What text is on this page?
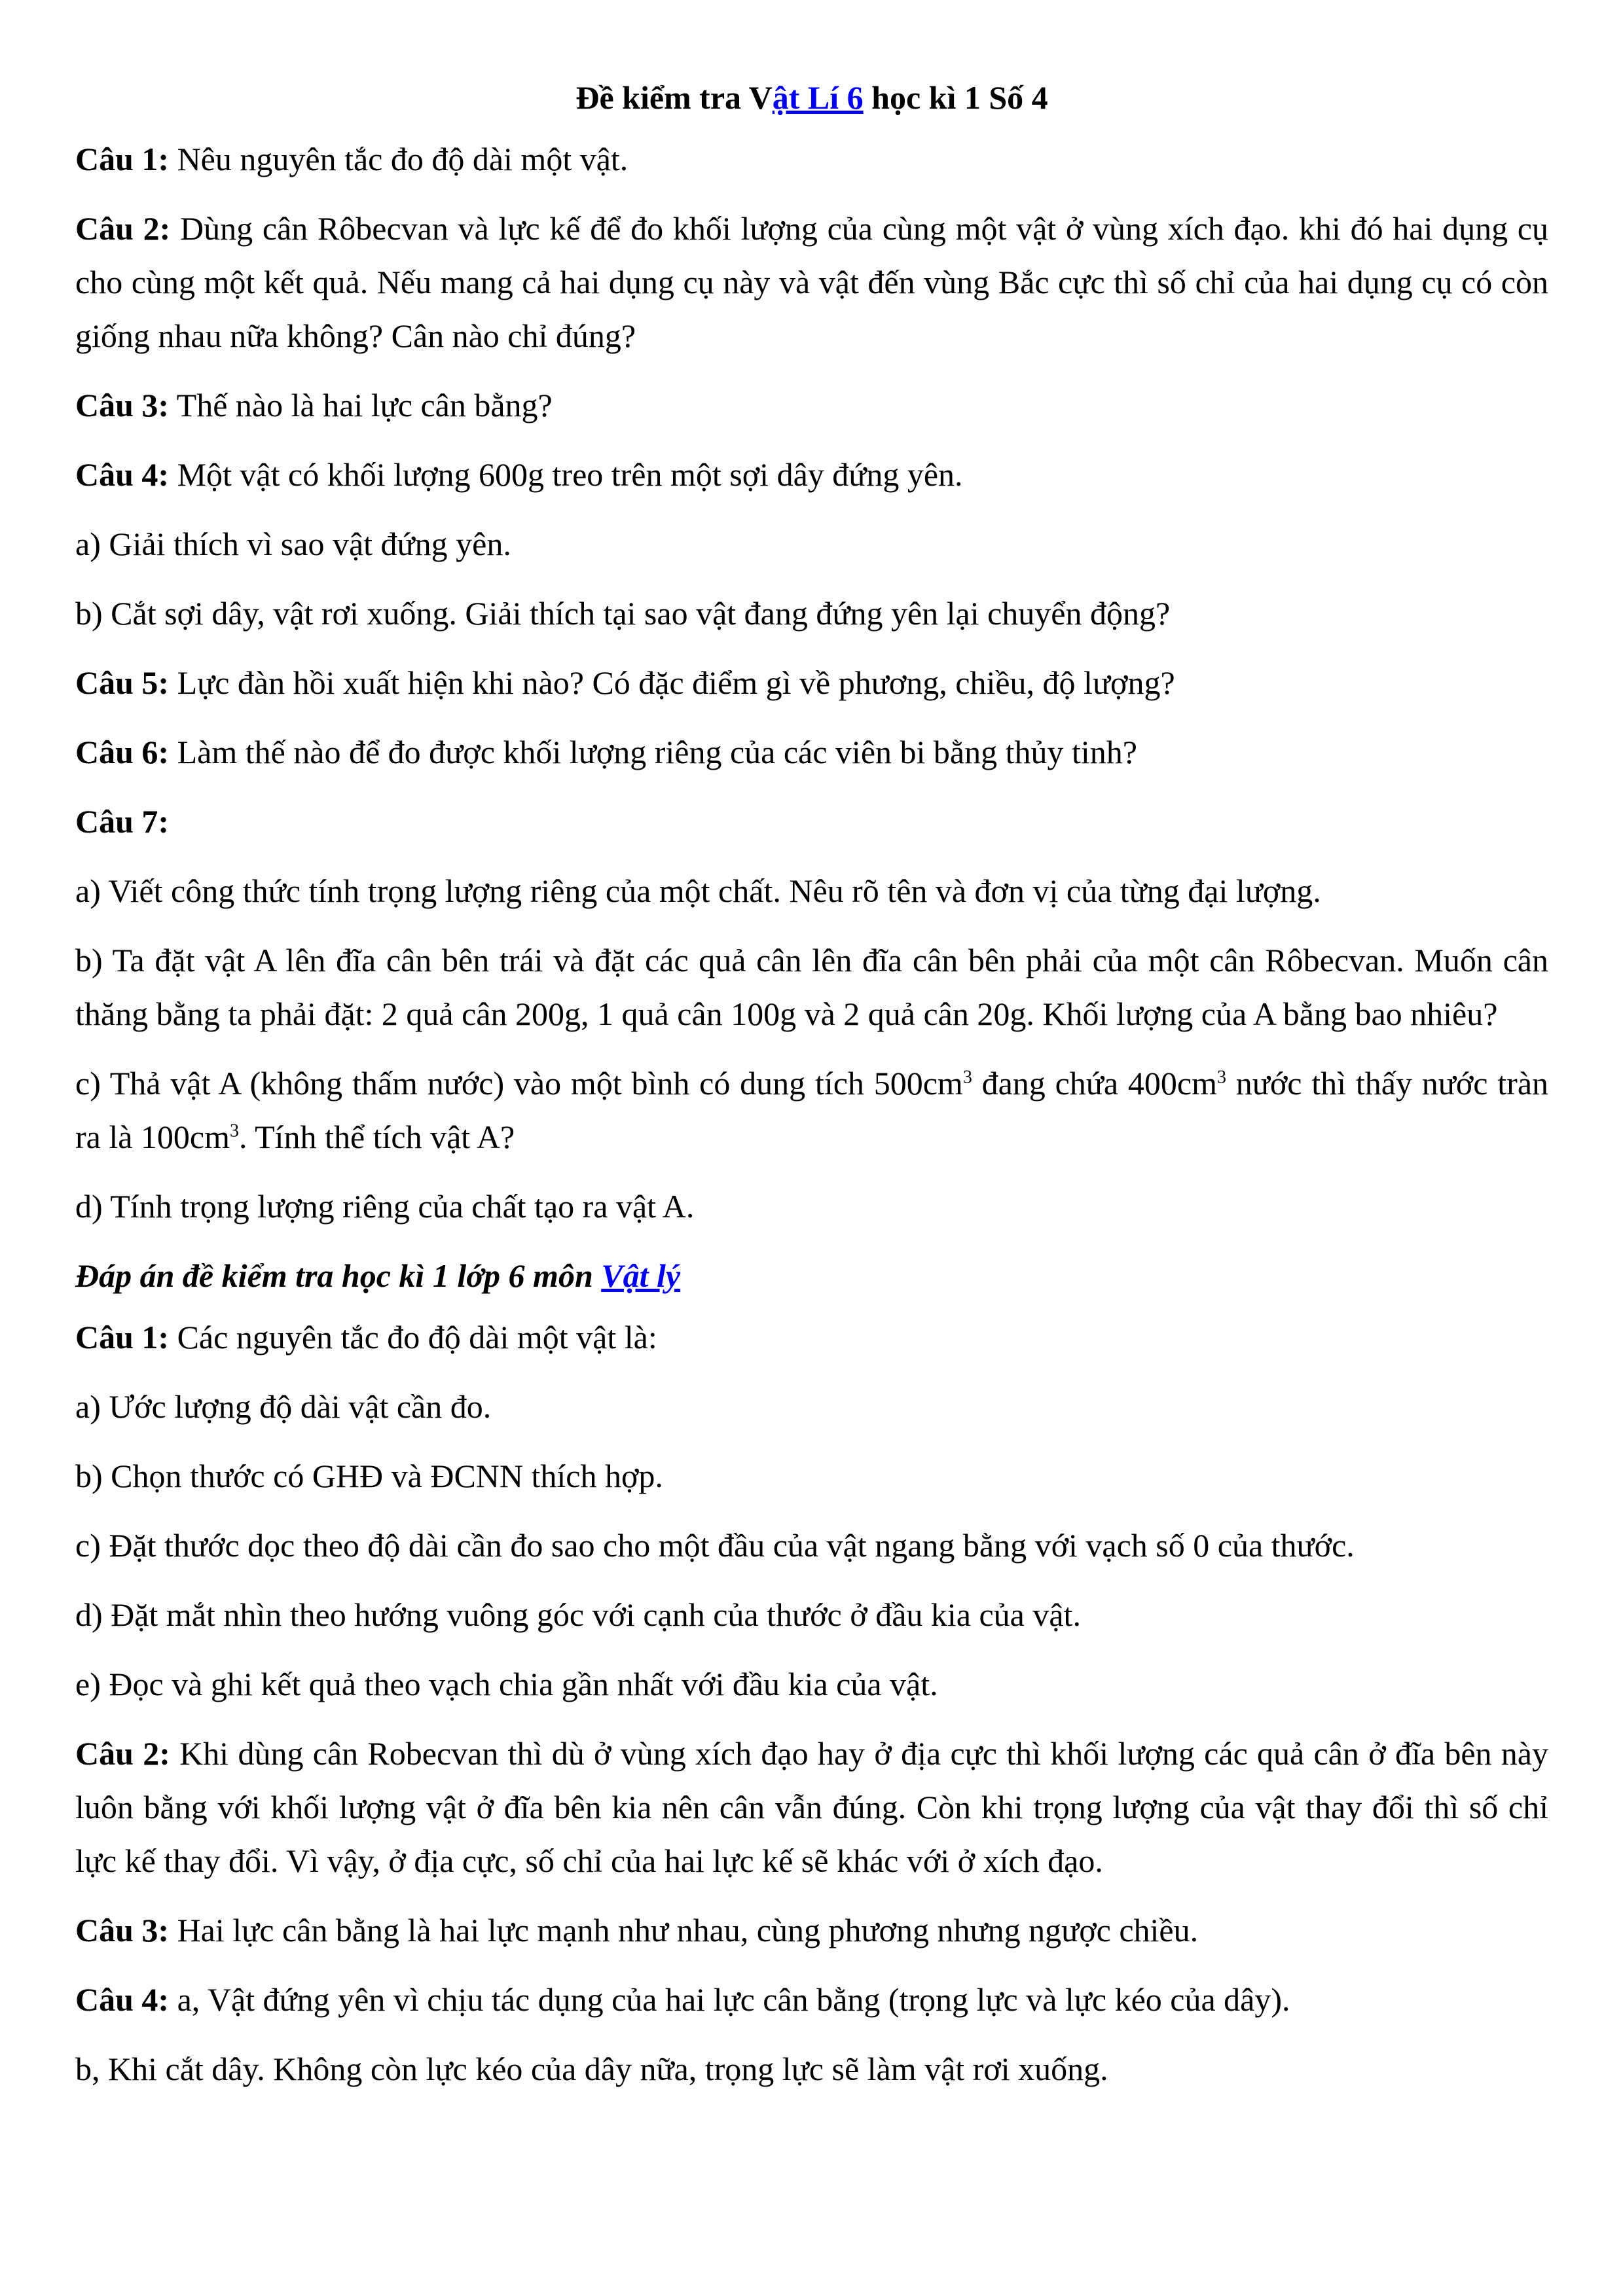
Đề kiểm tra Vật Lí 6 học kì 1 Số 4
Câu 1: Nêu nguyên tắc đo độ dài một vật.
Câu 2: Dùng cân Rôbecvan và lực kế để đo khối lượng của cùng một vật ở vùng xích đạo. khi đó hai dụng cụ cho cùng một kết quả. Nếu mang cả hai dụng cụ này và vật đến vùng Bắc cực thì số chỉ của hai dụng cụ có còn giống nhau nữa không? Cân nào chỉ đúng?
Câu 3: Thế nào là hai lực cân bằng?
Câu 4: Một vật có khối lượng 600g treo trên một sợi dây đứng yên.
a) Giải thích vì sao vật đứng yên.
b) Cắt sợi dây, vật rơi xuống. Giải thích tại sao vật đang đứng yên lại chuyển động?
Câu 5: Lực đàn hồi xuất hiện khi nào? Có đặc điểm gì về phương, chiều, độ lượng?
Câu 6: Làm thế nào để đo được khối lượng riêng của các viên bi bằng thủy tinh?
Câu 7:
a) Viết công thức tính trọng lượng riêng của một chất. Nêu rõ tên và đơn vị của từng đại lượng.
b) Ta đặt vật A lên đĩa cân bên trái và đặt các quả cân lên đĩa cân bên phải của một cân Rôbecvan. Muốn cân thăng bằng ta phải đặt: 2 quả cân 200g, 1 quả cân 100g và 2 quả cân 20g. Khối lượng của A bằng bao nhiêu?
c) Thả vật A (không thấm nước) vào một bình có dung tích $500cm^3$ đang chứa $400cm^3$ nước thì thấy nước tràn ra là $100cm^3$. Tính thể tích vật A?
d) Tính trọng lượng riêng của chất tạo ra vật A.
Đáp án đề kiểm tra học kì 1 lớp 6 môn Vật lý
Câu 1: Các nguyên tắc đo độ dài một vật là:
a) Ước lượng độ dài vật cần đo.
b) Chọn thước có GHĐ và ĐCNN thích hợp.
c) Đặt thước dọc theo độ dài cần đo sao cho một đầu của vật ngang bằng với vạch số 0 của thước.
d) Đặt mắt nhìn theo hướng vuông góc với cạnh của thước ở đầu kia của vật.
e) Đọc và ghi kết quả theo vạch chia gần nhất với đầu kia của vật.
Câu 2: Khi dùng cân Robecvan thì dù ở vùng xích đạo hay ở địa cực thì khối lượng các quả cân ở đĩa bên này luôn bằng với khối lượng vật ở đĩa bên kia nên cân vẫn đúng. Còn khi trọng lượng của vật thay đổi thì số chỉ lực kế thay đổi. Vì vậy, ở địa cực, số chỉ của hai lực kế sẽ khác với ở xích đạo.
Câu 3: Hai lực cân bằng là hai lực mạnh như nhau, cùng phương nhưng ngược chiều.
Câu 4: a, Vật đứng yên vì chịu tác dụng của hai lực cân bằng (trọng lực và lực kéo của dây).
b, Khi cắt dây. Không còn lực kéo của dây nữa, trọng lực sẽ làm vật rơi xuống.
